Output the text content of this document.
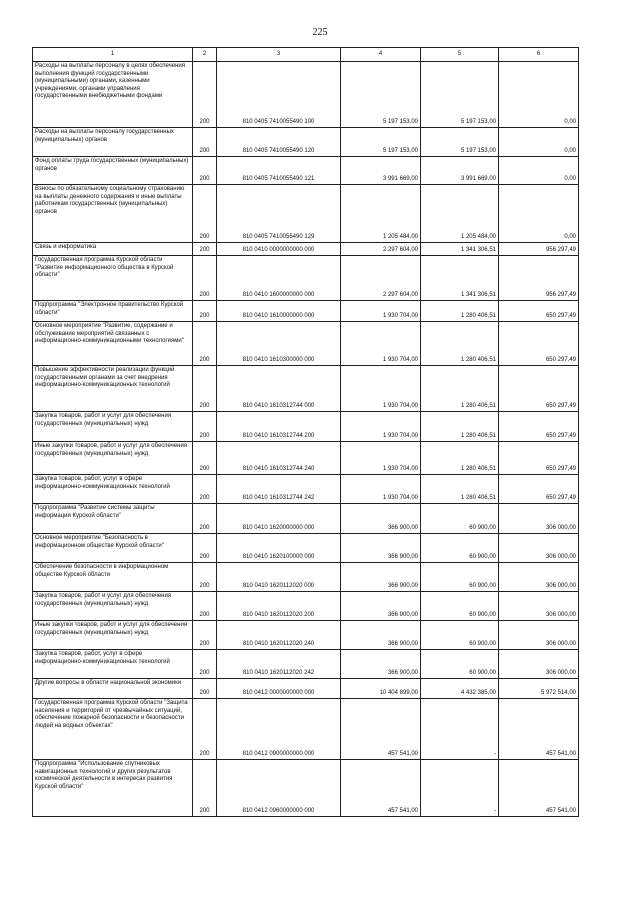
225
1	2	3	4	5	6
Расходы на выплаты персоналу в целях обеспечения выполнения функций государственными (муниципальными) органами, казенными учреждениями, органами управления государственными внебюджетными фондами	200	810 0405 7410055490 100	5 197 153,00	5 197 153,00	0,00
Расходы на выплаты персоналу государственных (муниципальных) органов	200	810 0405 7410055490 120	5 197 153,00	5 197 153,00	0,00
Фонд оплаты труда государственных (муниципальных) органов	200	810 0405 7410055490 121	3 991 669,00	3 991 669,00	0,00
Взносы по обязательному социальному страхованию на выплаты денежного содержания и иные выплаты работникам государственных (муниципальных) органов	200	810 0405 7410055490 129	1 205 484,00	1 205 484,00	0,00
Связь и информатика	200	810 0410 0000000000 000	2 297 604,00	1 341 306,51	956 297,49
Государственная программа Курской области "Развитие информационного общества в Курской области"	200	810 0410 1600000000 000	2 297 604,00	1 341 306,51	956 297,49
Подпрограмма "Электронное правительство Курской области"	200	810 0410 1610000000 000	1 930 704,00	1 280 406,51	650 297,49
Основное мероприятие "Развитие, содержание и обслуживание мероприятий связанных с информационно-коммуникационными технологиями"	200	810 0410 1610300000 000	1 930 704,00	1 280 406,51	650 297,49
Повышение эффективности реализации функций государственными органами за счет внедрения информационно-коммуникационных технологий	200	810 0410 1610312744 000	1 930 704,00	1 280 406,51	650 297,49
Закупка товаров, работ и услуг для обеспечения государственных (муниципальных) нужд	200	810 0410 1610312744 200	1 930 704,00	1 280 406,51	650 297,49
Иные закупки товаров, работ и услуг для обеспечения государственных (муниципальных) нужд	200	810 0410 1610312744 240	1 930 704,00	1 280 406,51	650 297,49
Закупка товаров, работ, услуг в сфере информационно-коммуникационных технологий	200	810 0410 1610312744 242	1 930 704,00	1 280 406,51	650 297,49
Подпрограмма "Развитие системы защиты информации Курской области"	200	810 0410 1620000000 000	366 900,00	60 900,00	306 000,00
Основное мероприятие "Безопасность в информационном обществе Курской области"	200	810 0410 1620100000 000	366 900,00	60 900,00	306 000,00
Обеспечение безопасности в информационном обществе Курской области	200	810 0410 1620112020 000	366 900,00	60 900,00	306 000,00
Закупка товаров, работ и услуг для обеспечения государственных (муниципальных) нужд	200	810 0410 1620112020 200	366 900,00	60 900,00	306 000,00
Иные закупки товаров, работ и услуг для обеспечения государственных (муниципальных) нужд	200	810 0410 1620112020 240	366 900,00	60 900,00	306 000,00
Закупка товаров, работ, услуг в сфере информационно-коммуникационных технологий	200	810 0410 1620112020 242	366 900,00	60 900,00	306 000,00
Другие вопросы в области национальной экономики	200	810 0412 0000000000 000	10 404 899,00	4 432 385,00	5 972 514,00
Государственная программа Курской области "Защита населения и территорий от чрезвычайных ситуаций, обеспечение пожарной безопасности и безопасности людей на водных объектах"	200	810 0412 0900000000 000	457 541,00	-	457 541,00
Подпрограмма "Использование спутниковых навигационных технологий и других результатов космической деятельности в интересах развития Курской области"	200	810 0412 0960000000 000	457 541,00	-	457 541,00
